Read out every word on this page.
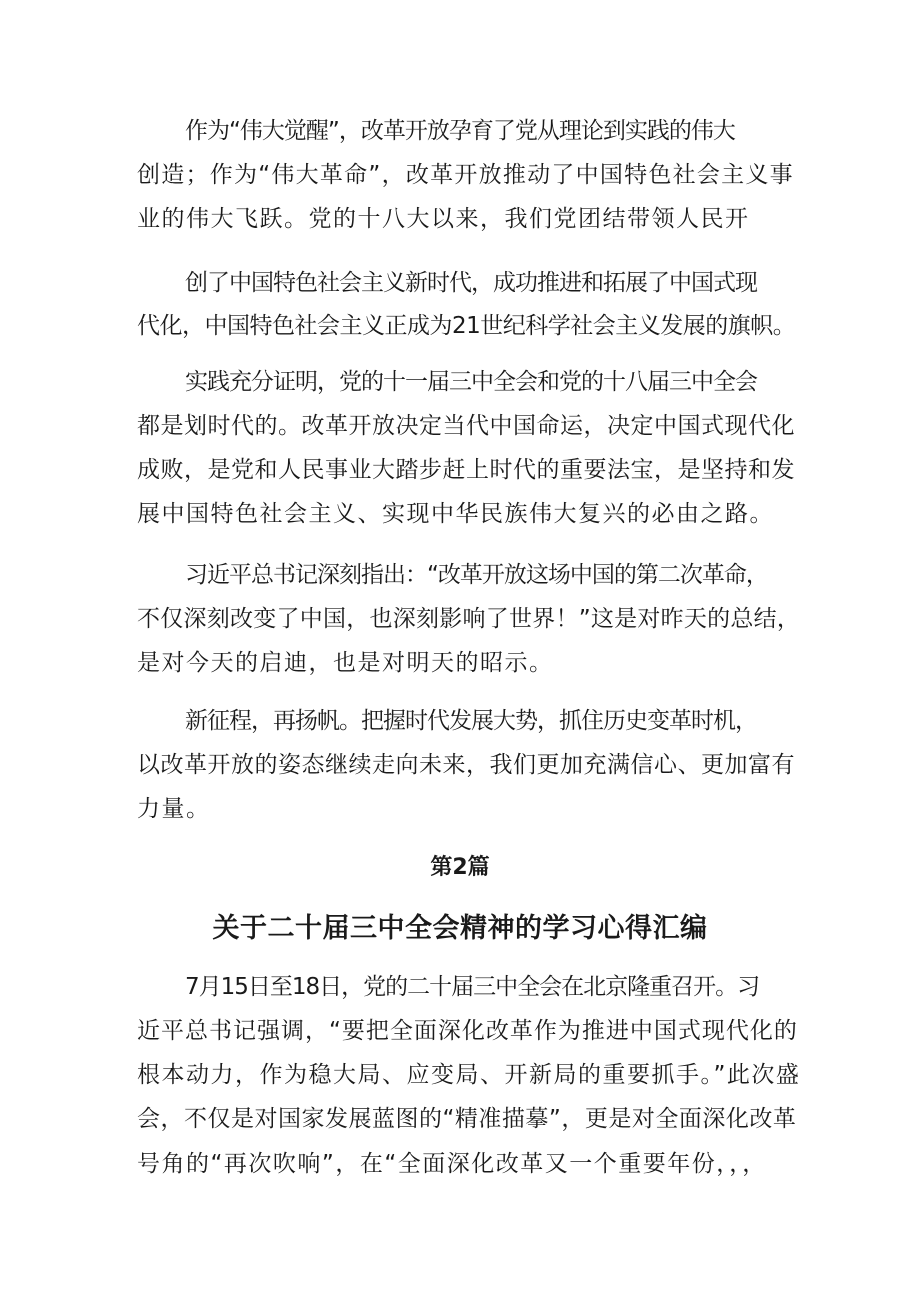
作为“伟大觉醒”，改革开放孕育了党从理论到实践的伟大
创造；作为“伟大革命”，改革开放推动了中国特色社会主义事
业的伟大飞跃。党的十八大以来，我们党团结带领人民开
创了中国特色社会主义新时代，成功推进和拓展了中国式现
代化，中国特色社会主义正成为21世纪科学社会主义发展的旗帜。
实践充分证明，党的十一届三中全会和党的十八届三中全会
都是划时代的。改革开放决定当代中国命运，决定中国式现代化
成败，是党和人民事业大踏步赶上时代的重要法宝，是坚持和发
展中国特色社会主义、实现中华民族伟大复兴的必由之路。
习近平总书记深刻指出：“改革开放这场中国的第二次革命，
不仅深刻改变了中国，也深刻影响了世界！”这是对昨天的总结，
是对今天的启迪，也是对明天的昭示。
新征程，再扬帆。把握时代发展大势，抓住历史变革时机，
以改革开放的姿态继续走向未来，我们更加充满信心、更加富有
力量。
第2篇
关于二十届三中全会精神的学习心得汇编
7月15日至18日，党的二十届三中全会在北京隆重召开。习
近平总书记强调，“要把全面深化改革作为推进中国式现代化的
根本动力，作为稳大局、应变局、开新局的重要抓手。”此次盛
会，不仅是对国家发展蓝图的“精准描摹”，更是对全面深化改革
号角的“再次吹响”，在“全面深化改革又一个重要年份，，，
